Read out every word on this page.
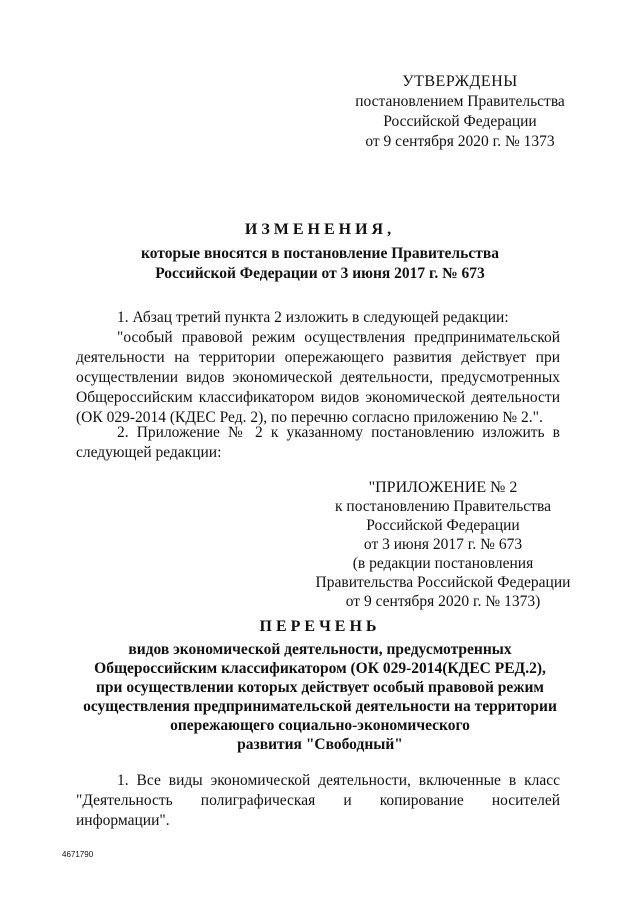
УТВЕРЖДЕНЫ
постановлением Правительства
Российской Федерации
от 9 сентября 2020 г. № 1373
ИЗМЕНЕНИЯ,
которые вносятся в постановление Правительства
Российской Федерации от 3 июня 2017 г. № 673

1. Абзац третий пункта 2 изложить в следующей редакции:

"особый правовой режим осуществления предпринимательской деятельности на территории опережающего развития действует при осуществлении видов экономической деятельности, предусмотренных Общероссийским классификатором видов экономической деятельности (ОК 029-2014 (КДЕС Ред. 2), по перечню согласно приложению № 2.".

2. Приложение № 2 к указанному постановлению изложить в следующей редакции:

"ПРИЛОЖЕНИЕ № 2
к постановлению Правительства
Российской Федерации
от 3 июня 2017 г. № 673
(в редакции постановления
Правительства Российской Федерации
от 9 сентября 2020 г. № 1373)
ПЕРЕЧЕНЬ
видов экономической деятельности, предусмотренных
Общероссийским классификатором (ОК 029-2014(КДЕС РЕД.2),
при осуществлении которых действует особый правовой режим
осуществления предпринимательской деятельности на территории
опережающего социально-экономического
развития "Свободный"

1. Все виды экономической деятельности, включенные в класс "Деятельность полиграфическая и копирование носителей информации".

4671790
